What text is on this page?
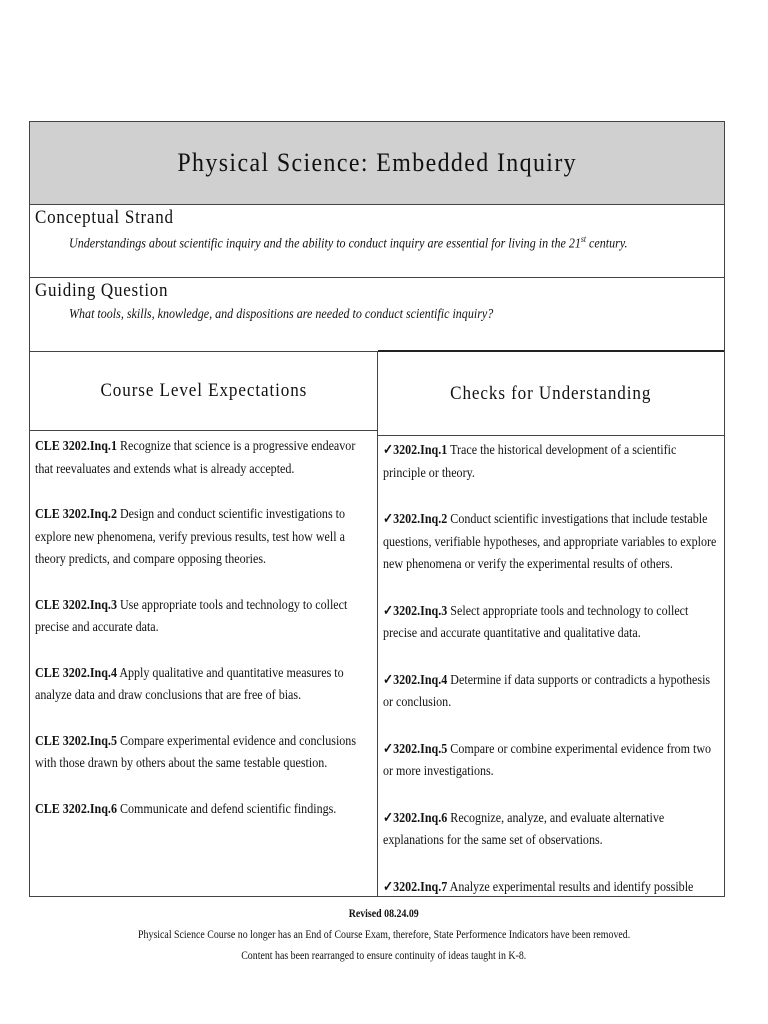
Physical Science: Embedded Inquiry
Conceptual Strand
Understandings about scientific inquiry and the ability to conduct inquiry are essential for living in the 21st century.
Guiding Question
What tools, skills, knowledge, and dispositions are needed to conduct scientific inquiry?
Course Level Expectations
CLE 3202.Inq.1 Recognize that science is a progressive endeavor that reevaluates and extends what is already accepted.
CLE 3202.Inq.2 Design and conduct scientific investigations to explore new phenomena, verify previous results, test how well a theory predicts, and compare opposing theories.
CLE 3202.Inq.3 Use appropriate tools and technology to collect precise and accurate data.
CLE 3202.Inq.4 Apply qualitative and quantitative measures to analyze data and draw conclusions that are free of bias.
CLE 3202.Inq.5 Compare experimental evidence and conclusions with those drawn by others about the same testable question.
CLE 3202.Inq.6 Communicate and defend scientific findings.
Checks for Understanding
✓3202.Inq.1 Trace the historical development of a scientific principle or theory.
✓3202.Inq.2 Conduct scientific investigations that include testable questions, verifiable hypotheses, and appropriate variables to explore new phenomena or verify the experimental results of others.
✓3202.Inq.3 Select appropriate tools and technology to collect precise and accurate quantitative and qualitative data.
✓3202.Inq.4 Determine if data supports or contradicts a hypothesis or conclusion.
✓3202.Inq.5 Compare or combine experimental evidence from two or more investigations.
✓3202.Inq.6 Recognize, analyze, and evaluate alternative explanations for the same set of observations.
✓3202.Inq.7 Analyze experimental results and identify possible
Revised 08.24.09
Physical Science Course no longer has an End of Course Exam, therefore, State Performence Indicators have been removed.
Content has been rearranged to ensure continuity of ideas taught in K-8.
